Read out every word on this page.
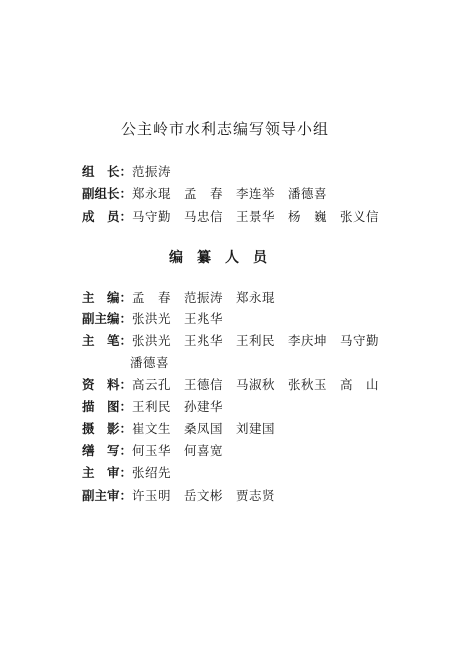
公主岭市水利志编写领导小组
组　长：范振涛
副组长：郑永琨　孟　春　李连举　潘德喜
成　员：马守勤　马忠信　王景华　杨　巍　张义信
编纂人员
主　编：孟　春　范振涛　郑永琨
副主编：张洪光　王兆华
主　笔：张洪光　王兆华　王利民　李庆坤　马守勤
潘德喜
资　料：高云孔　王德信　马淑秋　张秋玉　高　山
描　图：王利民　孙建华
摄　影：崔文生　桑凤国　刘建国
缮　写：何玉华　何喜宽
主　审：张绍先
副主审：许玉明　岳文彬　贾志贤
